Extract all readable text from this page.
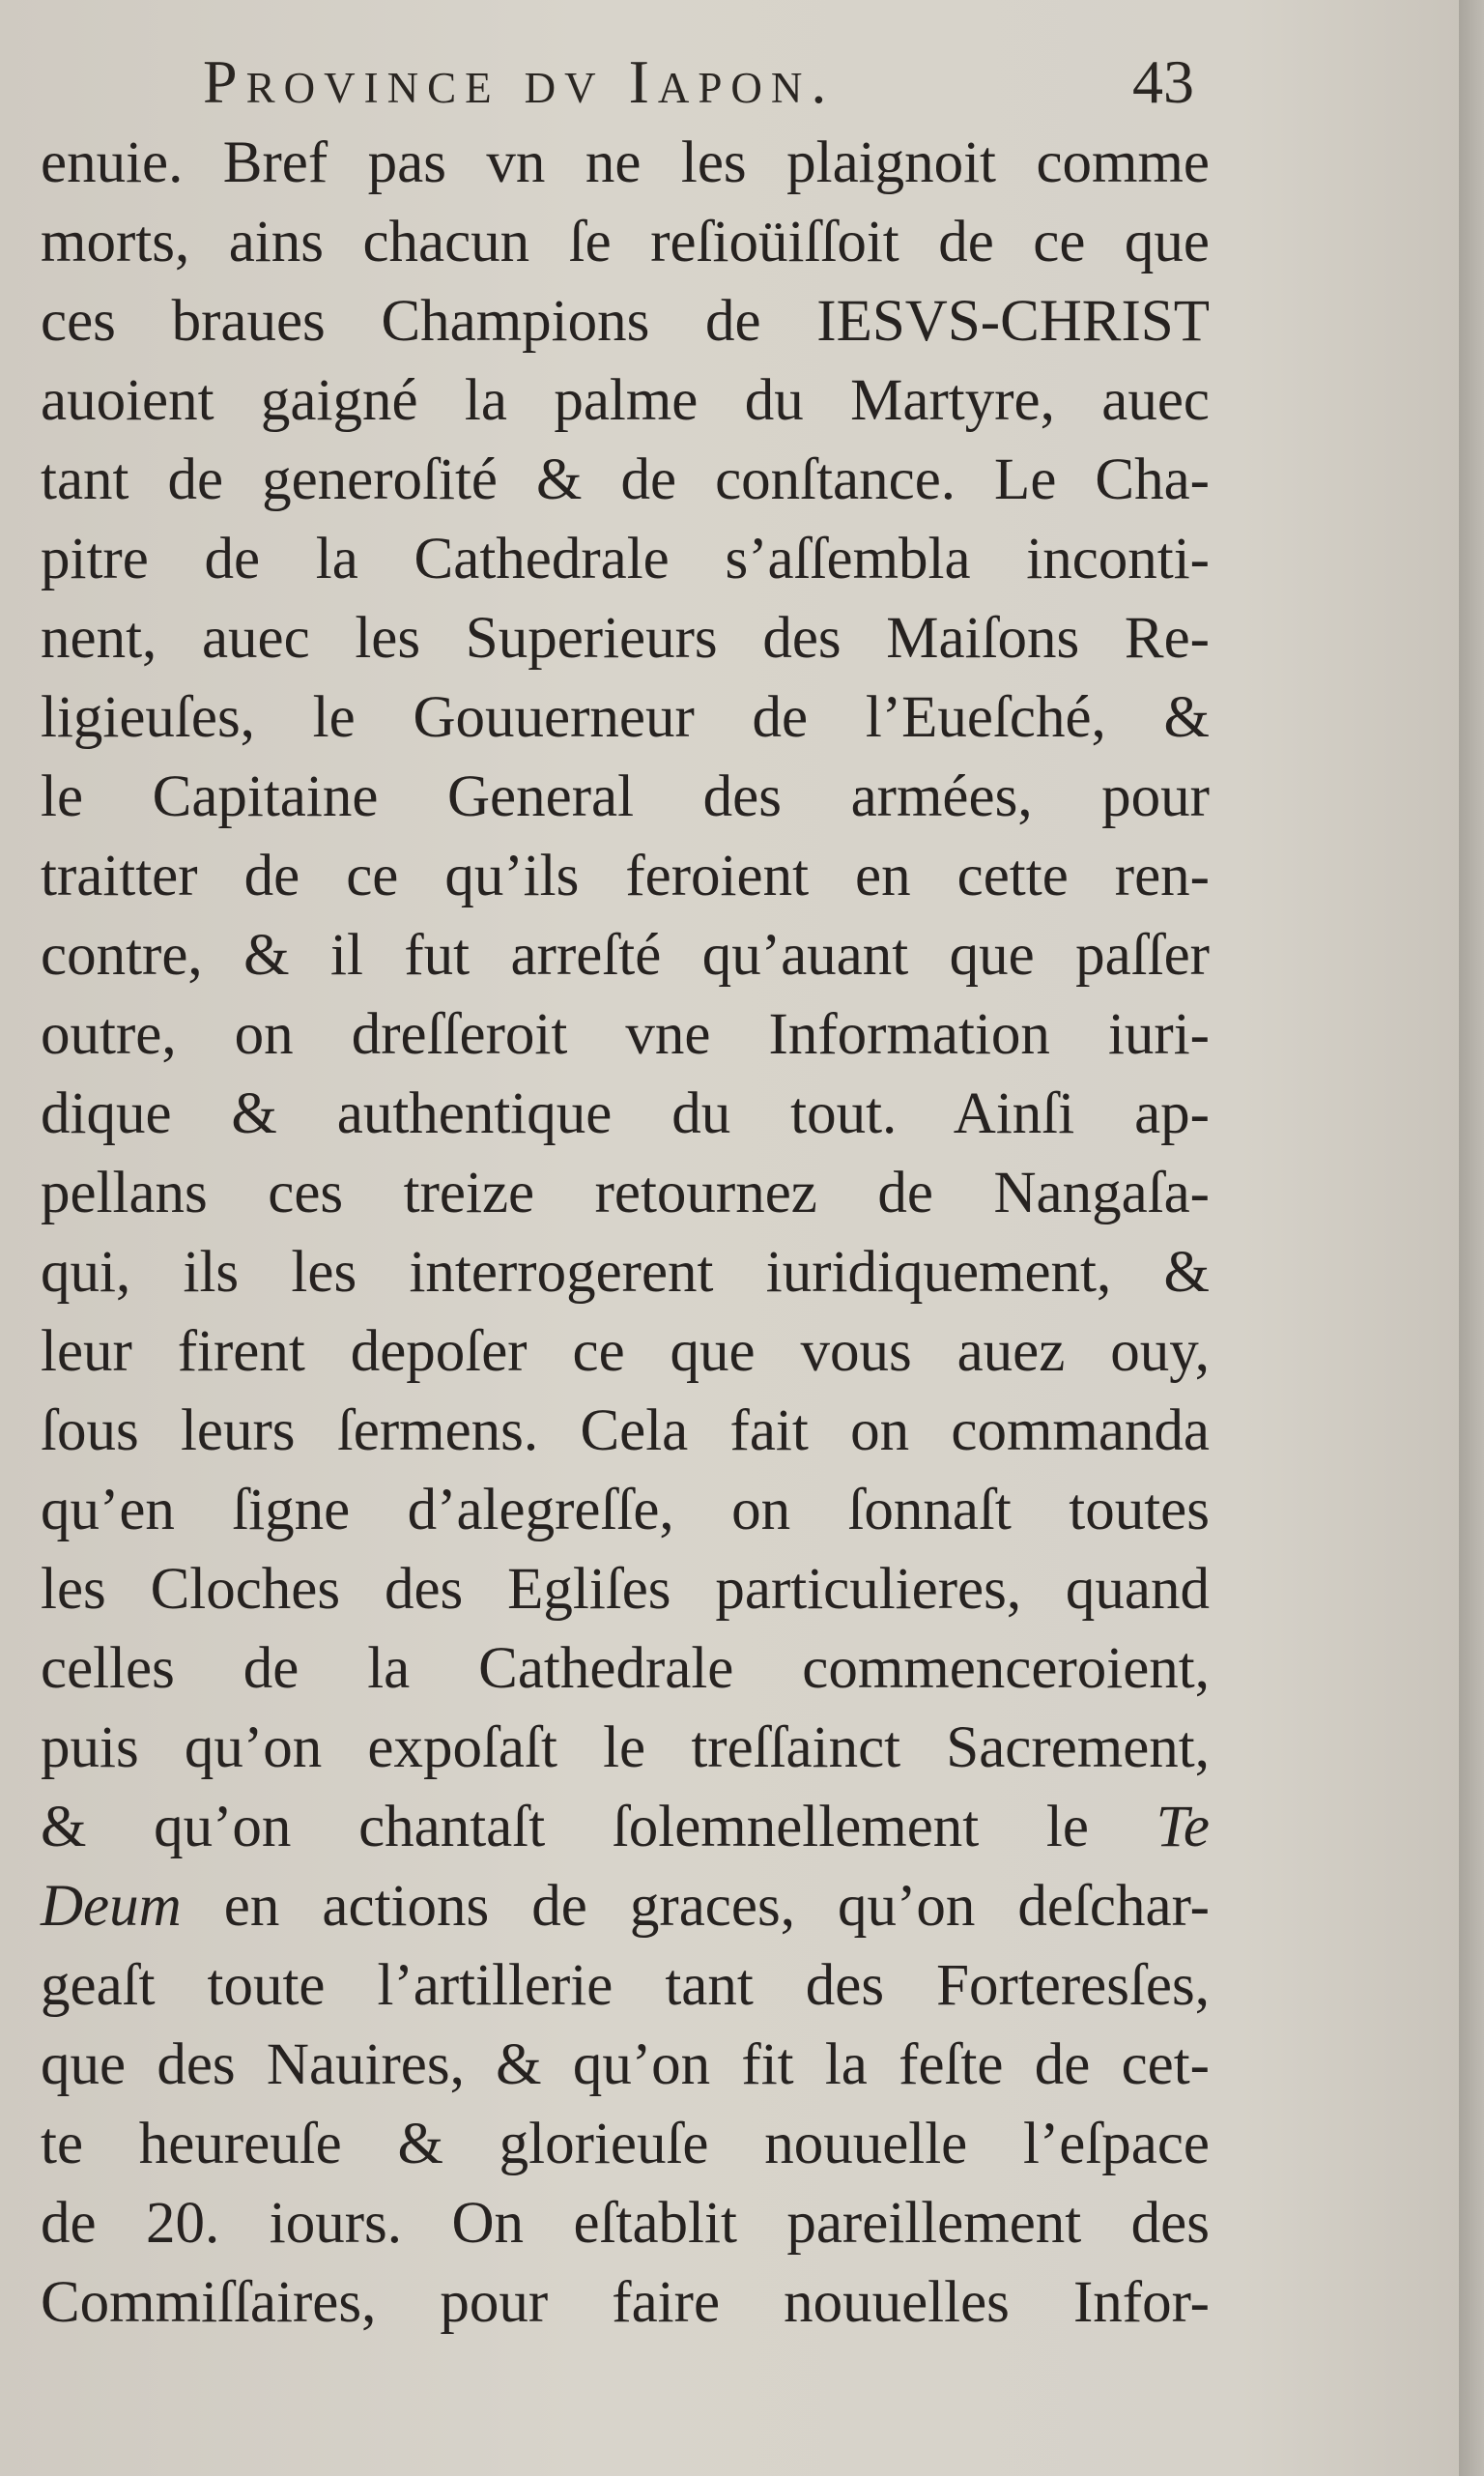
Province dv Iapon.	43
enuie. Bref pas vn ne les plaignoit comme
morts, ains chacun ſe reſioüiſſoit de ce que
ces braues Champions de IESVS-CHRIST
auoient gaigné la palme du Martyre, auec
tant de generoſité & de conſtance. Le Cha-
pitre de la Cathedrale s’aſſembla inconti-
nent, auec les Superieurs des Maiſons Re-
ligieuſes, le Gouuerneur de l’Eueſché, &
le Capitaine General des armées, pour
traitter de ce qu’ils feroient en cette ren-
contre, & il fut arreſté qu’auant que paſſer
outre, on dreſſeroit vne Information iuri-
dique & authentique du tout. Ainſi ap-
pellans ces treize retournez de Nangaſa-
qui, ils les interrogerent iuridiquement, &
leur firent depoſer ce que vous auez ouy,
ſous leurs ſermens. Cela fait on commanda
qu’en ſigne d’alegreſſe, on ſonnaſt toutes
les Cloches des Egliſes particulieres, quand
celles de la Cathedrale commenceroient,
puis qu’on expoſaſt le treſſainct Sacrement,
& qu’on chantaſt ſolemnellement le Te
Deum en actions de graces, qu’on deſchar-
geaſt toute l’artillerie tant des Forteresſes,
que des Nauires, & qu’on fit la feſte de cet-
te heureuſe & glorieuſe nouuelle l’eſpace
de 20. iours. On eſtablit pareillement des
Commiſſaires, pour faire nouuelles Infor-
